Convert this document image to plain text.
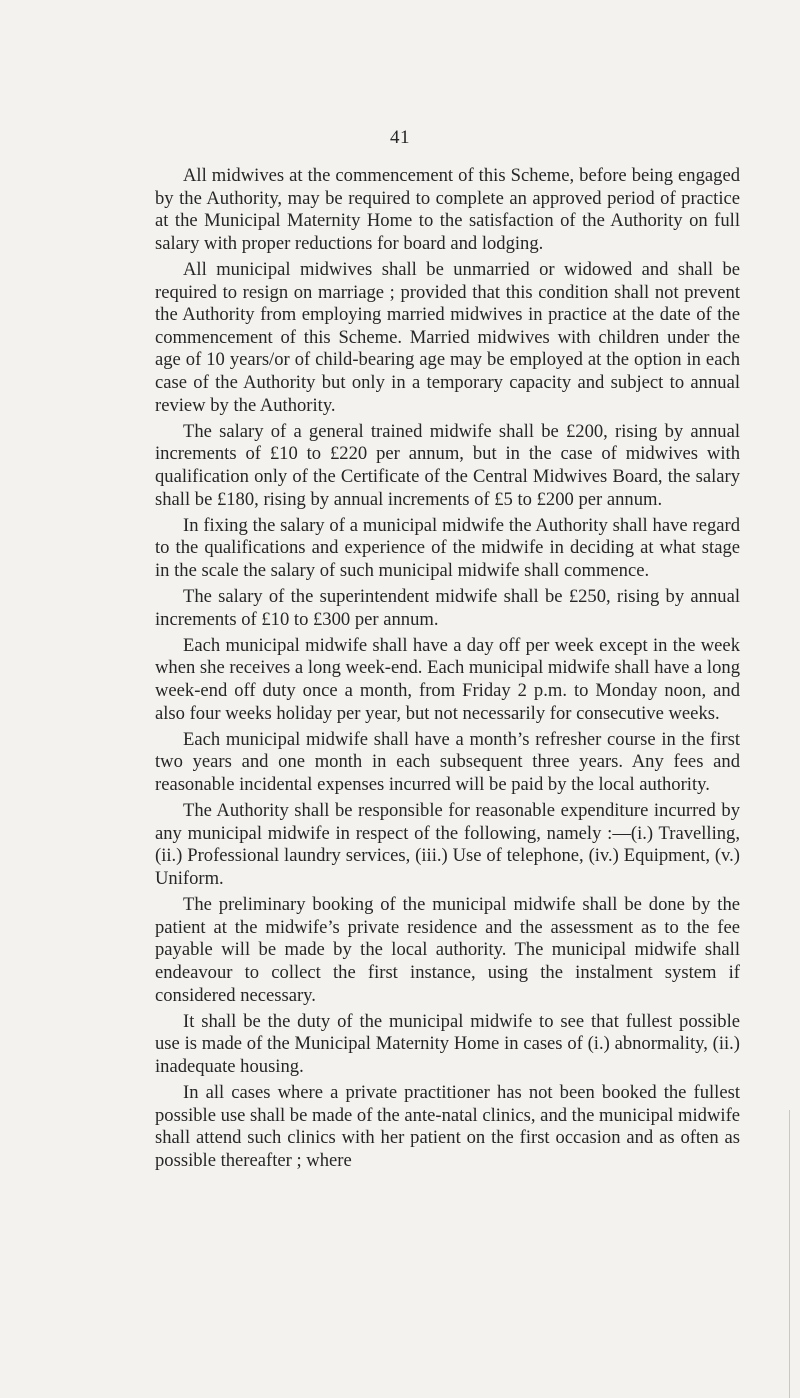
41

All midwives at the commencement of this Scheme, before being engaged by the Authority, may be required to complete an approved period of practice at the Municipal Maternity Home to the satisfaction of the Authority on full salary with proper reductions for board and lodging.

All municipal midwives shall be unmarried or widowed and shall be required to resign on marriage ; provided that this condition shall not prevent the Authority from employing married midwives in practice at the date of the commencement of this Scheme. Married midwives with children under the age of 10 years/or of child-bearing age may be employed at the option in each case of the Authority but only in a temporary capacity and subject to annual review by the Authority.

The salary of a general trained midwife shall be £200, rising by annual increments of £10 to £220 per annum, but in the case of midwives with qualification only of the Certificate of the Central Midwives Board, the salary shall be £180, rising by annual increments of £5 to £200 per annum.

In fixing the salary of a municipal midwife the Authority shall have regard to the qualifications and experience of the midwife in deciding at what stage in the scale the salary of such municipal midwife shall commence.

The salary of the superintendent midwife shall be £250, rising by annual increments of £10 to £300 per annum.

Each municipal midwife shall have a day off per week except in the week when she receives a long week-end. Each municipal midwife shall have a long week-end off duty once a month, from Friday 2 p.m. to Monday noon, and also four weeks holiday per year, but not necessarily for consecutive weeks.

Each municipal midwife shall have a month’s refresher course in the first two years and one month in each subsequent three years. Any fees and reasonable incidental expenses incurred will be paid by the local authority.

The Authority shall be responsible for reasonable expenditure incurred by any municipal midwife in respect of the following, namely :—(i.) Travelling, (ii.) Professional laundry services, (iii.) Use of telephone, (iv.) Equipment, (v.) Uniform.

The preliminary booking of the municipal midwife shall be done by the patient at the midwife’s private residence and the assessment as to the fee payable will be made by the local authority. The municipal midwife shall endeavour to collect the first instance, using the instalment system if considered necessary.

It shall be the duty of the municipal midwife to see that fullest possible use is made of the Municipal Maternity Home in cases of (i.) abnormality, (ii.) inadequate housing.

In all cases where a private practitioner has not been booked the fullest possible use shall be made of the ante-natal clinics, and the municipal midwife shall attend such clinics with her patient on the first occasion and as often as possible thereafter ; where
